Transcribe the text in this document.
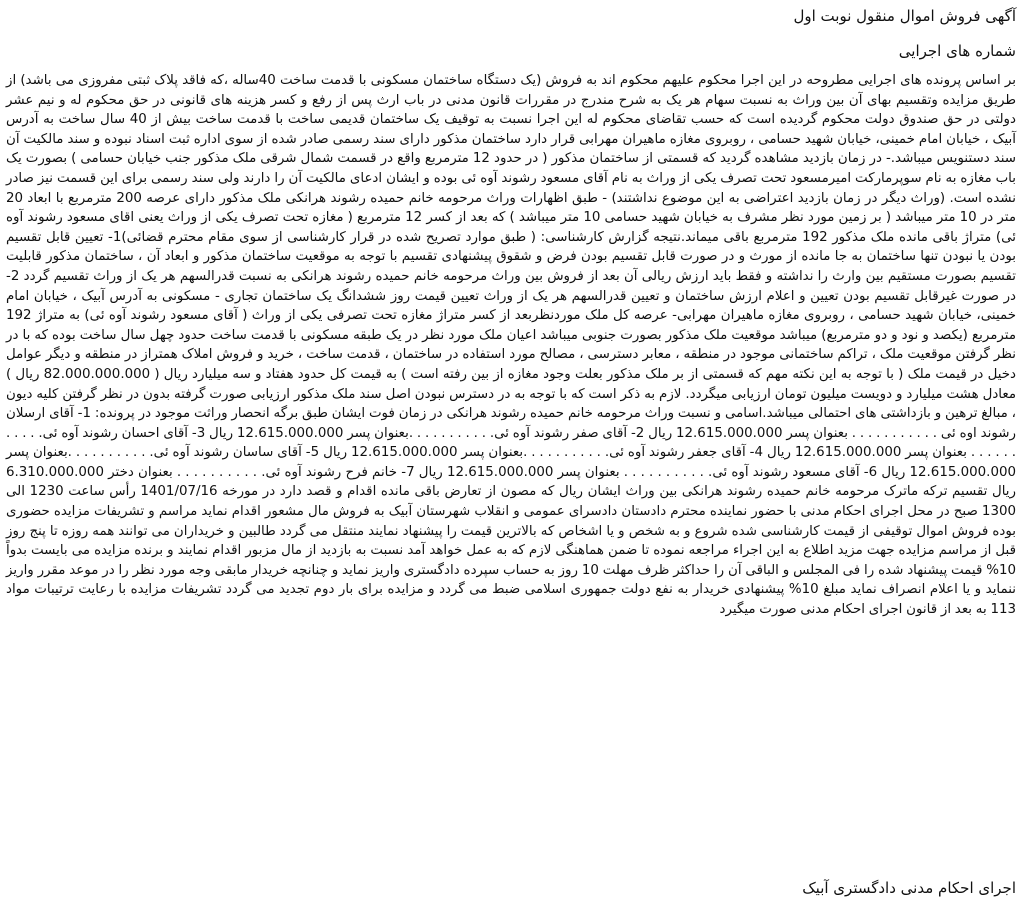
آگهی فروش اموال منقول نوبت اول
شماره های اجرایی

بر اساس پرونده های اجرایی مطروحه در این اجرا محکوم علیهم محکوم اند به فروش (یک دستگاه ساختمان مسکونی با قدمت ساخت 40ساله ،که فاقد پلاک ثبتی مفروزی می باشد) از طریق مزایده وتقسیم بهای آن بین وراث به نسبت سهام هر یک به شرح مندرج در مقررات قانون مدنی در باب ارث پس از رفع و کسر هزینه های قانونی در حق محکوم له و نیم عشر دولتی در حق صندوق دولت محکوم گردیده است که حسب تقاضای محکوم له این اجرا نسبت به توقیف یک ساختمان قدیمی ساخت با قدمت ساخت بیش از 40 سال ساخت به آدرس آبیک ، خیابان امام خمینی، خیابان شهید حسامی ، روبروی مغازه ماهیران مهرابی قرار دارد ساختمان مذکور دارای سند رسمی صادر شده از سوی اداره ثبت اسناد نبوده و سند مالکیت آن سند دستنویس میباشد.- در زمان بازدید مشاهده گردید که قسمتی از ساختمان مذکور ( در حدود 12 مترمربع واقع در قسمت شمال شرقی ملک مذکور جنب خیابان حسامی ) بصورت یک باب مغازه به نام سوپرمارکت امیرمسعود تحت تصرف یکی از وراث به نام آقای مسعود رشوند آوه ئی بوده و ایشان ادعای مالکیت آن را دارند ولی سند رسمی برای این قسمت نیز صادر نشده است. (وراث دیگر در زمان بازدید اعتراضی به این موضوع نداشتند) - طبق اظهارات وراث مرحومه خانم حمیده رشوند هرانکی ملک مذکور دارای عرصه 200 مترمربع با ابعاد 20 متر در 10 متر میباشد ( بر زمین مورد نظر مشرف به خیابان شهید حسامی 10 متر میباشد ) که بعد از کسر 12 مترمربع ( مغازه تحت تصرف یکی از وراث یعنی اقای مسعود رشوند آوه ئی) متراژ باقی مانده ملک مذکور 192 مترمربع باقی میماند.نتیجه گزارش کارشناسی: ( طبق موارد تصریح شده در قرار کارشناسی از سوی مقام محترم قضائی)1- تعیین قابل تقسیم بودن یا نبودن تنها ساختمان به جا مانده از مورث و در صورت قابل تقسیم بودن فرض و شقوق پیشنهادی تقسیم با توجه به موقعیت ساختمان مذکور و ابعاد آن ، ساختمان مذکور قابلیت تقسیم بصورت مستقیم بین وارث را نداشته و فقط باید ارزش ریالی آن بعد از فروش بین وراث مرحومه خانم حمیده رشوند هرانکی به نسبت قدرالسهم هر یک از وراث تقسیم گردد 2- در صورت غیرقابل تقسیم بودن تعیین و اعلام ارزش ساختمان و تعیین قدرالسهم هر یک از وراث تعیین قیمت روز ششدانگ یک ساختمان تجاری - مسکونی به آدرس آبیک ، خیابان امام خمینی، خیابان شهید حسامی ، روبروی مغازه ماهیران مهرابی- عرصه کل ملک موردنظربعد از کسر متراژ مغازه تحت تصرفی یکی از وراث ( آقای مسعود رشوند آوه ئی) به متراژ 192 مترمربع (یکصد و نود و دو مترمربع) میباشد موقعیت ملک مذکور بصورت جنوبی میباشد اعیان ملک مورد نظر در یک طبقه مسکونی با قدمت ساخت حدود چهل سال ساخت بوده که با در نظر گرفتن موقعیت ملک ، تراکم ساختمانی موجود در منطقه ، معابر دسترسی ، مصالح مورد استفاده در ساختمان ، قدمت ساخت ، خرید و فروش املاک همتراز در منطقه و دیگر عوامل دخیل در قیمت ملک ( با توجه به این نکته مهم که قسمتی از بر ملک مذکور بعلت وجود مغازه از بین رفته است ) به قیمت کل حدود هفتاد و سه میلیارد ریال ( 82.000.000.000 ریال ) معادل هشت میلیارد و دویست میلیون تومان ارزیابی میگردد. لازم به ذکر است که با توجه به در دسترس نبودن اصل سند ملک مذکور ارزیابی صورت گرفته بدون در نظر گرفتن کلیه دیون ، مبالغ ترهین و بازداشتی های احتمالی میباشد.اسامی و نسبت وراث مرحومه خانم حمیده رشوند هرانکی در زمان فوت ایشان طبق برگه انحصار وراثت موجود در پرونده: 1- آقای ارسلان رشوند اوه ئی . . . . . . . . . . . بعنوان پسر 12.615.000.000 ریال 2- آقای صفر رشوند آوه ئی. . . . . . . . . . .بعنوان پسر 12.615.000.000 ریال 3- آقای احسان رشوند آوه ئی. . . . . . . . . . . بعنوان پسر 12.615.000.000 ریال 4- آقای جعفر رشوند آوه ئی. . . . . . . . . . .بعنوان پسر 12.615.000.000 ریال 5- آقای ساسان رشوند آوه ئی. . . . . . . . . . .بعنوان پسر 12.615.000.000 ریال 6- آقای مسعود رشوند آوه ئی. . . . . . . . . . . بعنوان پسر 12.615.000.000 ریال 7- خانم فرح رشوند آوه ئی. . . . . . . . . . . بعنوان دختر 6.310.000.000 ریال تقسیم ترکه ماترک مرحومه خانم حمیده رشوند هرانکی بین وراث ایشان ریال که مصون از تعارض باقی مانده اقدام و قصد دارد در مورخه 1401/07/16 رأس ساعت 1230 الی 1300 صبح در محل اجرای احکام مدنی با حضور نماینده محترم دادستان دادسرای عمومی و انقلاب شهرستان آبیک به فروش مال مشعور اقدام نماید مراسم و تشریفات مزایده حضوری بوده فروش اموال توقیفی از قیمت کارشناسی شده شروع و به شخص و یا اشخاص که بالاترین قیمت را پیشنهاد نمایند منتقل می گردد طالبین و خریداران می توانند همه روزه تا پنج روز قبل از مراسم مزایده جهت مزید اطلاع به این اجراء مراجعه نموده تا ضمن هماهنگی لازم که به عمل خواهد آمد نسبت به بازدید از مال مزبور اقدام نمایند و برنده مزایده می بایست بدواً 10% قیمت پیشنهاد شده را فی المجلس و الباقی آن را حداکثر ظرف مهلت 10 روز به حساب سپرده دادگستری واریز نماید و چنانچه خریدار مابقی وجه مورد نظر را در موعد مقرر واریز ننماید و یا اعلام انصراف نماید مبلغ 10% پیشنهادی خریدار به نفع دولت جمهوری اسلامی ضبط می گردد و مزایده برای بار دوم تجدید می گردد تشریفات مزایده با رعایت ترتیبات مواد 113 به بعد از قانون اجرای احکام مدنی صورت میگیرد

اجرای احکام مدنی دادگستری آبیک
